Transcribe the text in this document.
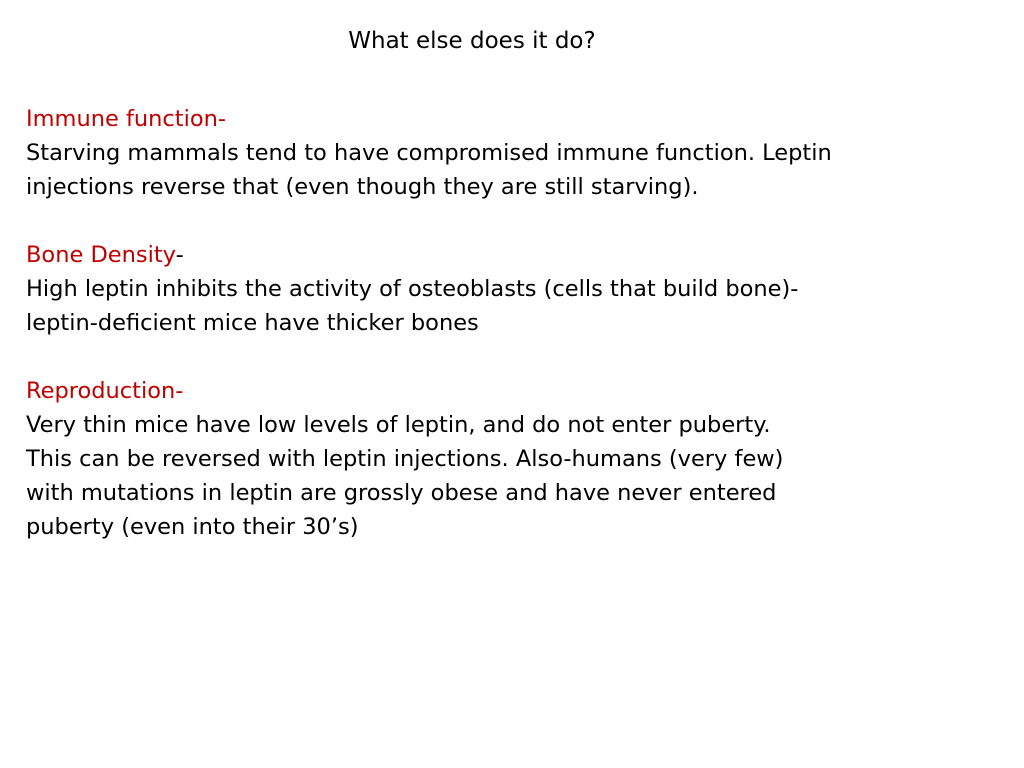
What else does it do?
Immune function-
Starving mammals tend to have compromised immune function. Leptin
injections reverse that (even though they are still starving).
Bone Density-
High leptin inhibits the activity of osteoblasts (cells that build bone)-
leptin-deficient mice have thicker bones
Reproduction-
Very thin mice have low levels of leptin, and do not enter puberty.
This can be reversed with leptin injections. Also-humans (very few)
with mutations in leptin are grossly obese and have never entered
puberty (even into their 30’s)
